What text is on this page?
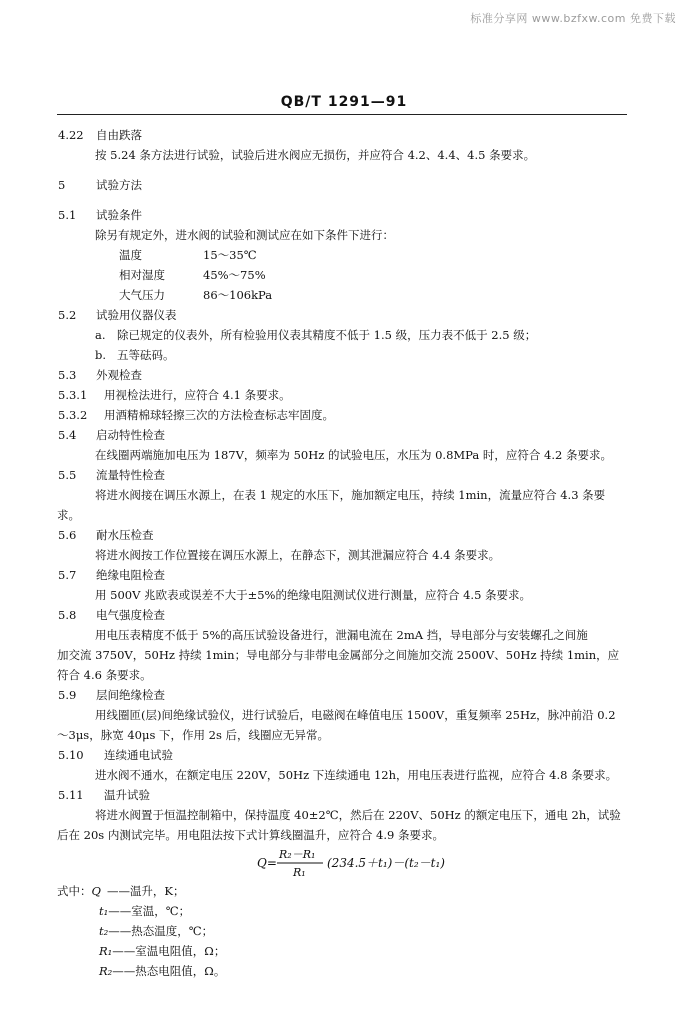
标准分享网 www.bzfxw.com 免费下载
QB/T 1291—91
4.22 自由跌落
按 5.24 条方法进行试验，试验后进水阀应无损伤，并应符合 4.2、4.4、4.5 条要求。
5	试验方法
5.1 试验条件
除另有规定外，进水阀的试验和测试应在如下条件下进行：
温度	15～35℃
相对湿度	45%～75%
大气压力	86～106kPa
5.2 试验用仪器仪表
a. 除已规定的仪表外，所有检验用仪表其精度不低于 1.5 级，压力表不低于 2.5 级；
b. 五等砝码。
5.3 外观检查
5.3.1 用视检法进行，应符合 4.1 条要求。
5.3.2 用酒精棉球轻擦三次的方法检查标志牢固度。
5.4 启动特性检查
在线圈两端施加电压为 187V，频率为 50Hz 的试验电压，水压为 0.8MPa 时，应符合 4.2 条要求。
5.5 流量特性检查
将进水阀接在调压水源上，在表 1 规定的水压下，施加额定电压，持续 1min，流量应符合 4.3 条要
求。
5.6 耐水压检查
将进水阀按工作位置接在调压水源上，在静态下，测其泄漏应符合 4.4 条要求。
5.7 绝缘电阻检查
用 500V 兆欧表或误差不大于±5%的绝缘电阻测试仪进行测量，应符合 4.5 条要求。
5.8 电气强度检查
用电压表精度不低于 5%的高压试验设备进行，泄漏电流在 2mA 挡，导电部分与安装螺孔之间施
加交流 3750V，50Hz 持续 1min；导电部分与非带电金属部分之间施加交流 2500V、50Hz 持续 1min，应
符合 4.6 条要求。
5.9 层间绝缘检查
用线圈匝(层)间绝缘试验仪，进行试验后，电磁阀在峰值电压 1500V，重复频率 25Hz，脉冲前沿 0.2
～3μs，脉宽 40μs 下，作用 2s 后，线圈应无异常。
5.10 连续通电试验
进水阀不通水，在额定电压 220V，50Hz 下连续通电 12h，用电压表进行监视，应符合 4.8 条要求。
5.11 温升试验
将进水阀置于恒温控制箱中，保持温度 40±2℃，然后在 220V、50Hz 的额定电压下，通电 2h，试验
后在 20s 内测试完毕。用电阻法按下式计算线圈温升，应符合 4.9 条要求。
Q=
R₂－R₁
R₁
(234.5＋t₁)－(t₂－t₁)
式中：Q ——温升，K；
t₁——室温，℃；
t₂——热态温度，℃；
R₁——室温电阻值，Ω；
R₂——热态电阻值，Ω。
